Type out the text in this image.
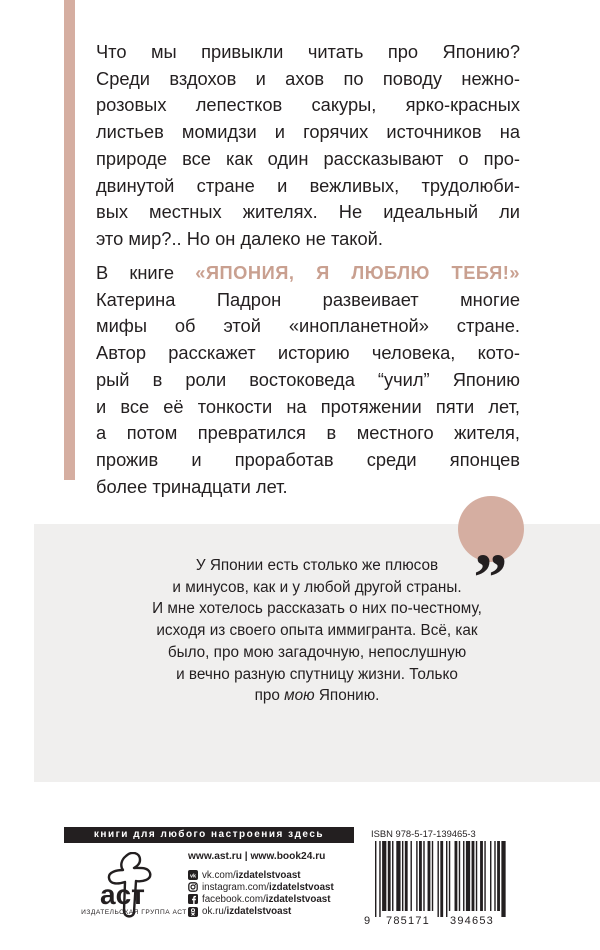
Что мы привыкли читать про Японию?
Среди вздохов и ахов по поводу нежно-
розовых лепестков сакуры, ярко-красных
листьев момидзи и горячих источников на
природе все как один рассказывают о про-
двинутой стране и вежливых, трудолюби-
вых местных жителях. Не идеальный ли
это мир?.. Но он далеко не такой.
В книге «ЯПОНИЯ, Я ЛЮБЛЮ ТЕБЯ!»
Катерина Падрон развеивает многие
мифы об этой «инопланетной» стране.
Автор расскажет историю человека, кото-
рый в роли востоковеда “учил” Японию
и все её тонкости на протяжении пяти лет,
а потом превратился в местного жителя,
прожив и проработав среди японцев
более тринадцати лет.
„
У Японии есть столько же плюсов
и минусов, как и у любой другой страны.
И мне хотелось рассказать о них по-честному,
исходя из своего опыта иммигранта. Всё, как
было, про мою загадочную, непослушную
и вечно разную спутницу жизни. Только
про мою Японию.
книги для любого настроения здесь
aст
ИЗДАТЕЛЬСКАЯ ГРУППА АСТ
www.ast.ru | www.book24.ru
vk vk.com/ izdatelstvoast
instagram.com/ izdatelstvoast
facebook.com/ izdatelstvoast
ok.ru/ izdatelstvoast
ISBN 978-5-17-139465-3
9 785171 394653
